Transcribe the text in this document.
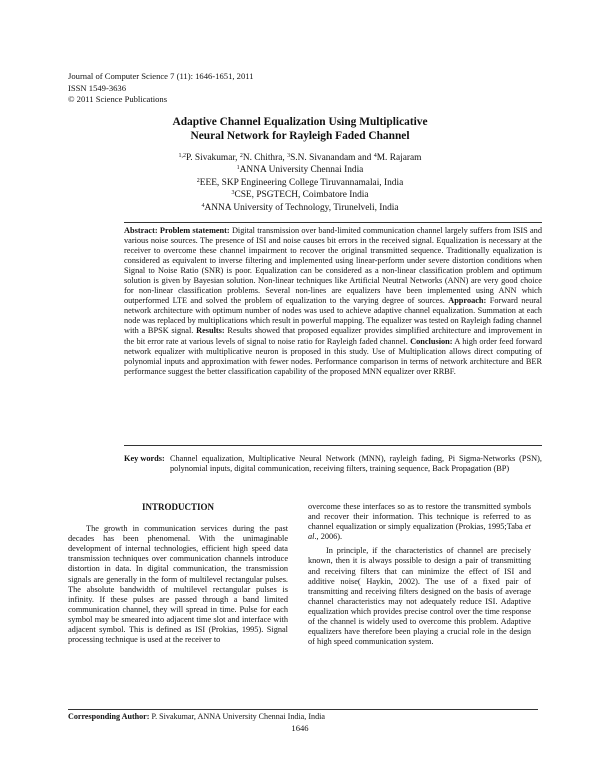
Journal of Computer Science 7 (11): 1646-1651, 2011
ISSN 1549-3636
© 2011 Science Publications
Adaptive Channel Equalization Using Multiplicative
Neural Network for Rayleigh Faded Channel
$^{1,2}$P. Sivakumar, $^2$N. Chithra, $^3$S.N. Sivanandam and $^4$M. Rajaram
$^1$ANNA University Chennai India
$^2$EEE, SKP Engineering College Tiruvannamalai, India
$^3$CSE, PSGTECH, Coimbatore India
$^4$ANNA University of Technology, Tirunelveli, India
Abstract: Problem statement: Digital transmission over band-limited communication channel largely suffers from ISIS and various noise sources. The presence of ISI and noise causes bit errors in the received signal. Equalization is necessary at the receiver to overcome these channel impairment to recover the original transmitted sequence. Traditionally equalization is considered as equivalent to inverse filtering and implemented using linear-perform under severe distortion conditions when Signal to Noise Ratio (SNR) is poor. Equalization can be considered as a non-linear classification problem and optimum solution is given by Bayesian solution. Non-linear techniques like Artificial Neutral Networks (ANN) are very good choice for non-linear classification problems. Several non-lines are equalizers have been implemented using ANN which outperformed LTE and solved the problem of equalization to the varying degree of sources. Approach: Forward neural network architecture with optimum number of nodes was used to achieve adaptive channel equalization. Summation at each node was replaced by multiplications which result in powerful mapping. The equalizer was tested on Rayleigh fading channel with a BPSK signal. Results: Results showed that proposed equalizer provides simplified architecture and improvement in the bit error rate at various levels of signal to noise ratio for Rayleigh faded channel. Conclusion: A high order feed forward network equalizer with multiplicative neuron is proposed in this study. Use of Multiplication allows direct computing of polynomial inputs and approximation with fewer nodes. Performance comparison in terms of network architecture and BER performance suggest the better classification capability of the proposed MNN equalizer over RRBF.
Key words: Channel equalization, Multiplicative Neural Network (MNN), rayleigh fading, Pi Sigma-Networks (PSN), polynomial inputs, digital communication, receiving filters, training sequence, Back Propagation (BP)
INTRODUCTION

The growth in communication services during the past decades has been phenomenal. With the unimaginable development of internal technologies, efficient high speed data transmission techniques over communication channels introduce distortion in data. In digital communication, the transmission signals are generally in the form of multilevel rectangular pulses. The absolute bandwidth of multilevel rectangular pulses is infinity. If these pulses are passed through a band limited communication channel, they will spread in time. Pulse for each symbol may be smeared into adjacent time slot and interface with adjacent symbol. This is defined as ISI (Prokias, 1995). Signal processing technique is used at the receiver to

overcome these interfaces so as to restore the transmitted symbols and recover their information. This technique is referred to as channel equalization or simply equalization (Prokias, 1995;Taba et al., 2006).

In principle, if the characteristics of channel are precisely known, then it is always possible to design a pair of transmitting and receiving filters that can minimize the effect of ISI and additive noise( Haykin, 2002). The use of a fixed pair of transmitting and receiving filters designed on the basis of average channel characteristics may not adequately reduce ISI. Adaptive equalization which provides precise control over the time response of the channel is widely used to overcome this problem. Adaptive equalizers have therefore been playing a crucial role in the design of high speed communication system.

Corresponding Author: P. Sivakumar, ANNA University Chennai India, India
1646
